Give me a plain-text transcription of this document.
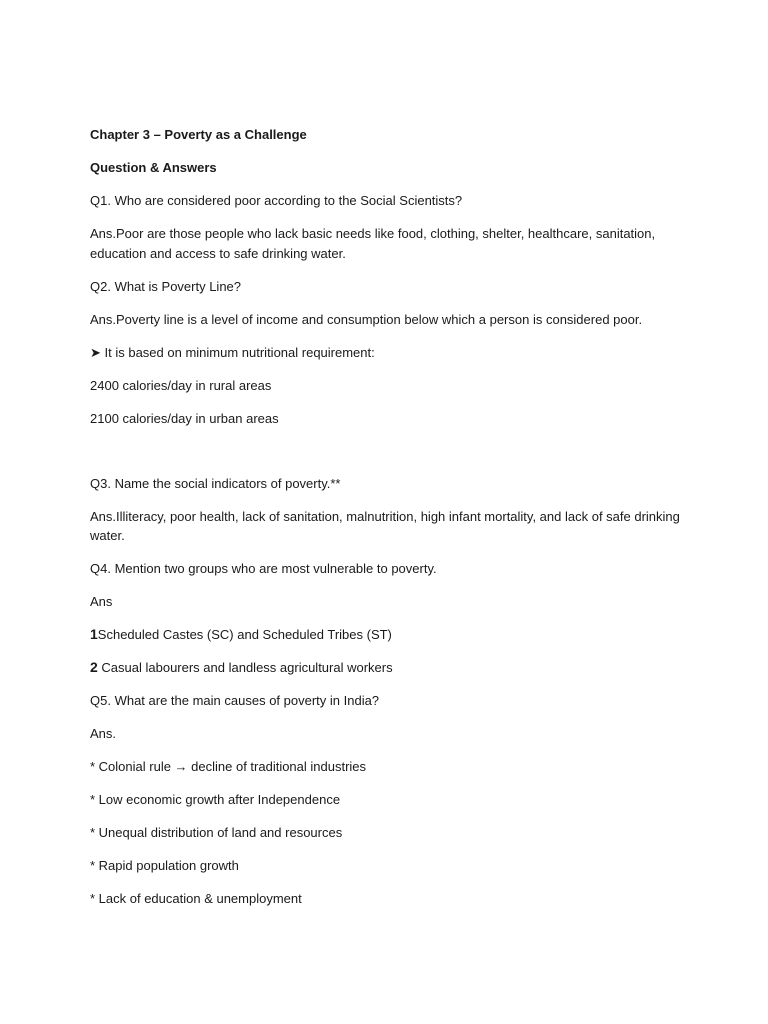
Chapter 3 – Poverty as a Challenge

Question & Answers

Q1. Who are considered poor according to the Social Scientists?

Ans.Poor are those people who lack basic needs like food, clothing, shelter, healthcare, sanitation, education and access to safe drinking water.

Q2. What is Poverty Line?

Ans.Poverty line is a level of income and consumption below which a person is considered poor.

➤ It is based on minimum nutritional requirement:

2400 calories/day in rural areas

2100 calories/day in urban areas

Q3. Name the social indicators of poverty.**

Ans.Illiteracy, poor health, lack of sanitation, malnutrition, high infant mortality, and lack of safe drinking water.

Q4. Mention two groups who are most vulnerable to poverty.

Ans

1Scheduled Castes (SC) and Scheduled Tribes (ST)

2 Casual labourers and landless agricultural workers

Q5. What are the main causes of poverty in India?

Ans.

* Colonial rule → decline of traditional industries

* Low economic growth after Independence

* Unequal distribution of land and resources

* Rapid population growth

* Lack of education & unemployment
